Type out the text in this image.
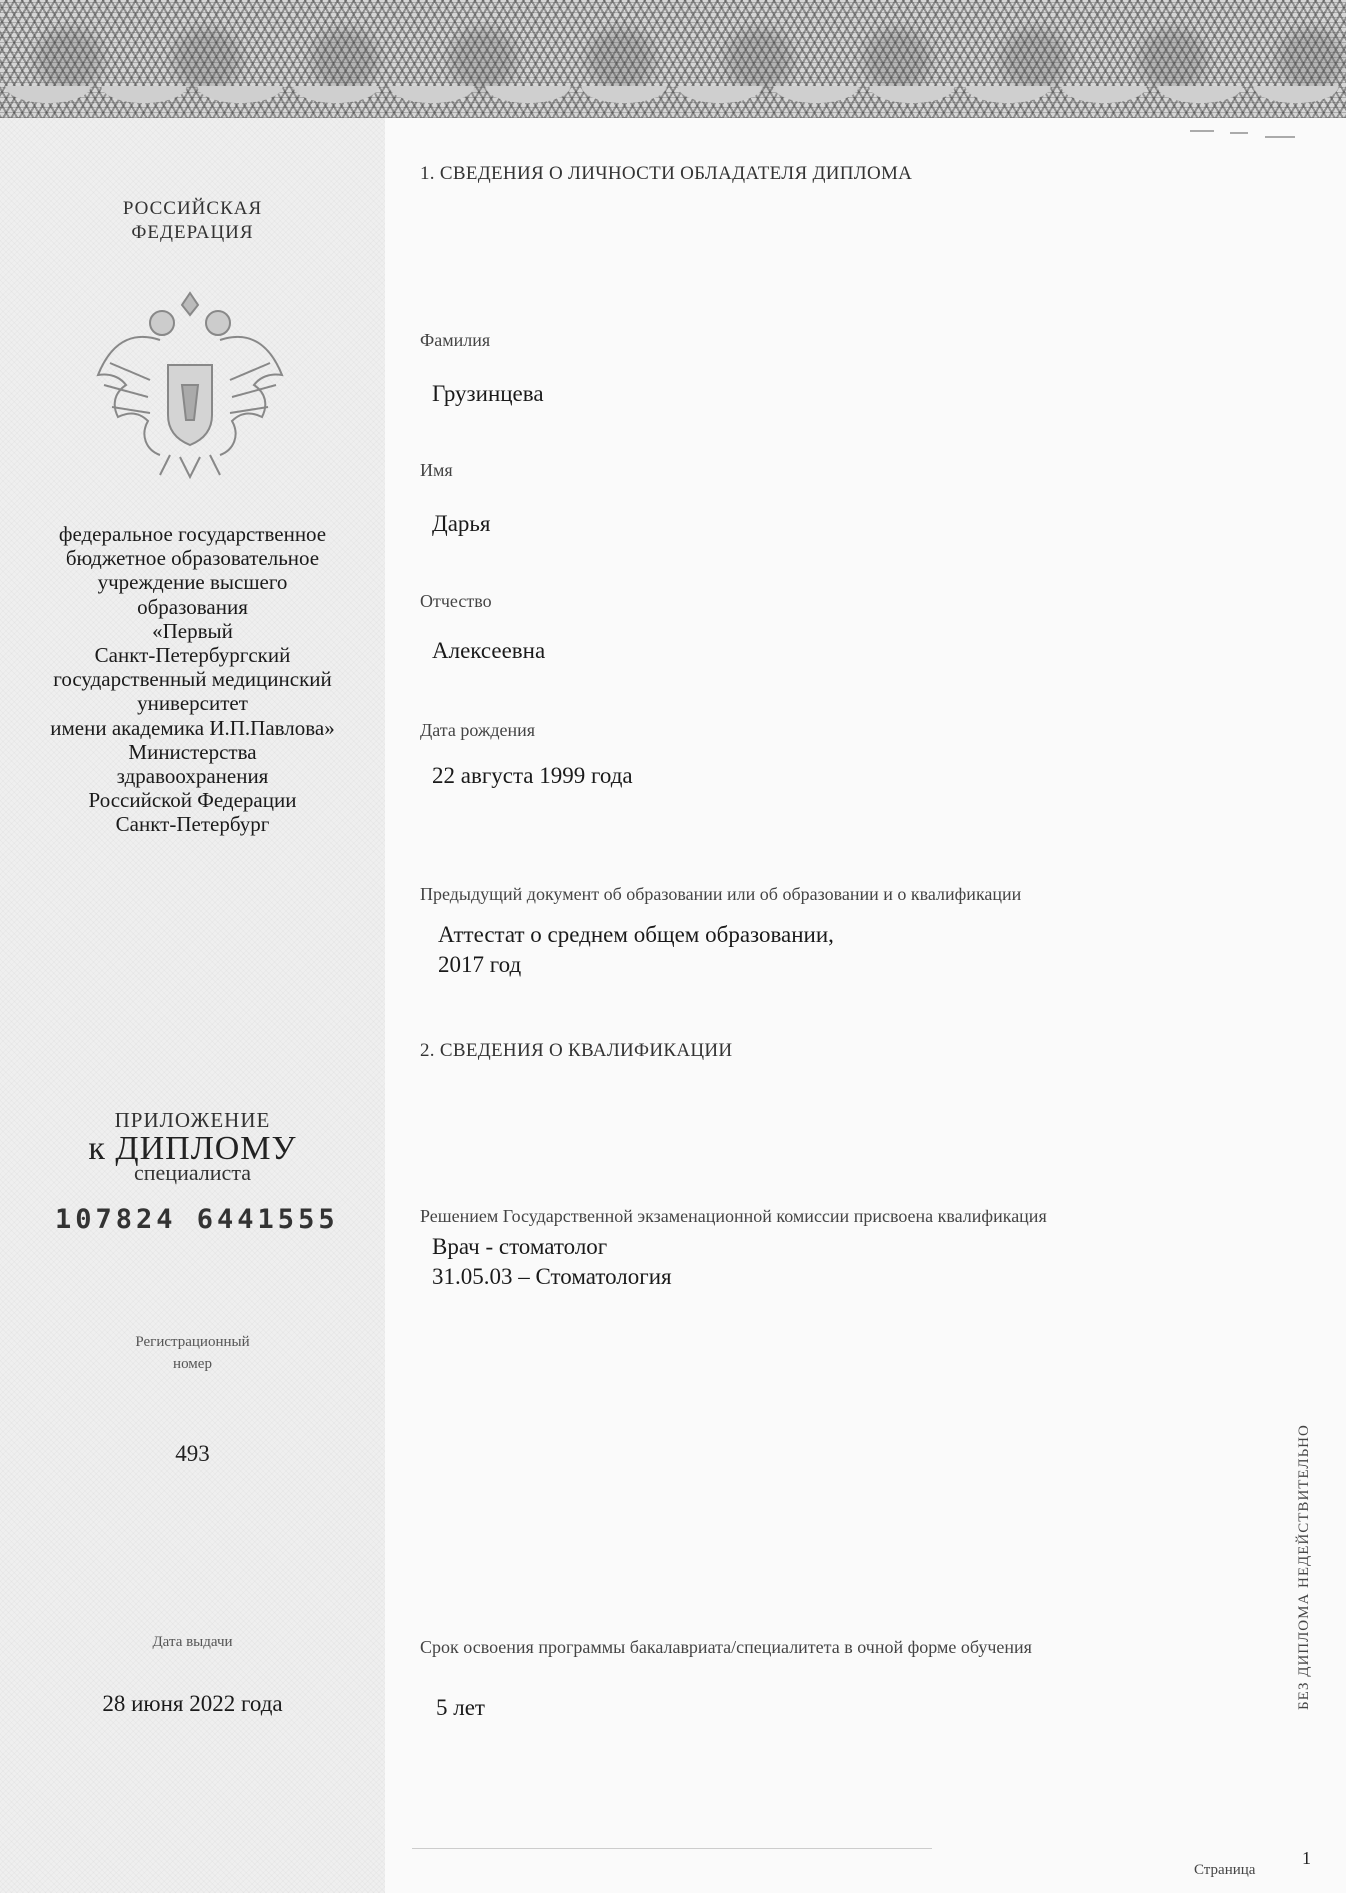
РОССИЙСКАЯ
ФЕДЕРАЦИЯ
федеральное государственное
бюджетное образовательное
учреждение высшего
образования
«Первый
Санкт-Петербургский
государственный медицинский
университет
имени академика И.П.Павлова»
Министерства
здравоохранения
Российской Федерации
Санкт-Петербург
ПРИЛОЖЕНИЕ
к ДИПЛОМУ
специалиста
107824 6441555
Регистрационный
номер
493
Дата выдачи
28 июня 2022 года
1. СВЕДЕНИЯ О ЛИЧНОСТИ ОБЛАДАТЕЛЯ ДИПЛОМА
Фамилия
Грузинцева
Имя
Дарья
Отчество
Алексеевна
Дата рождения
22 августа 1999 года
Предыдущий документ об образовании или об образовании и о квалификации
Аттестат о среднем общем образовании,
2017 год
2. СВЕДЕНИЯ О КВАЛИФИКАЦИИ
Решением Государственной экзаменационной комиссии присвоена квалификация
Врач - стоматолог
31.05.03 – Стоматология
Срок освоения программы бакалавриата/специалитета в очной форме обучения
5 лет	БЕЗ ДИПЛОМА НЕДЕЙСТВИТЕЛЬНО
Страница
1
